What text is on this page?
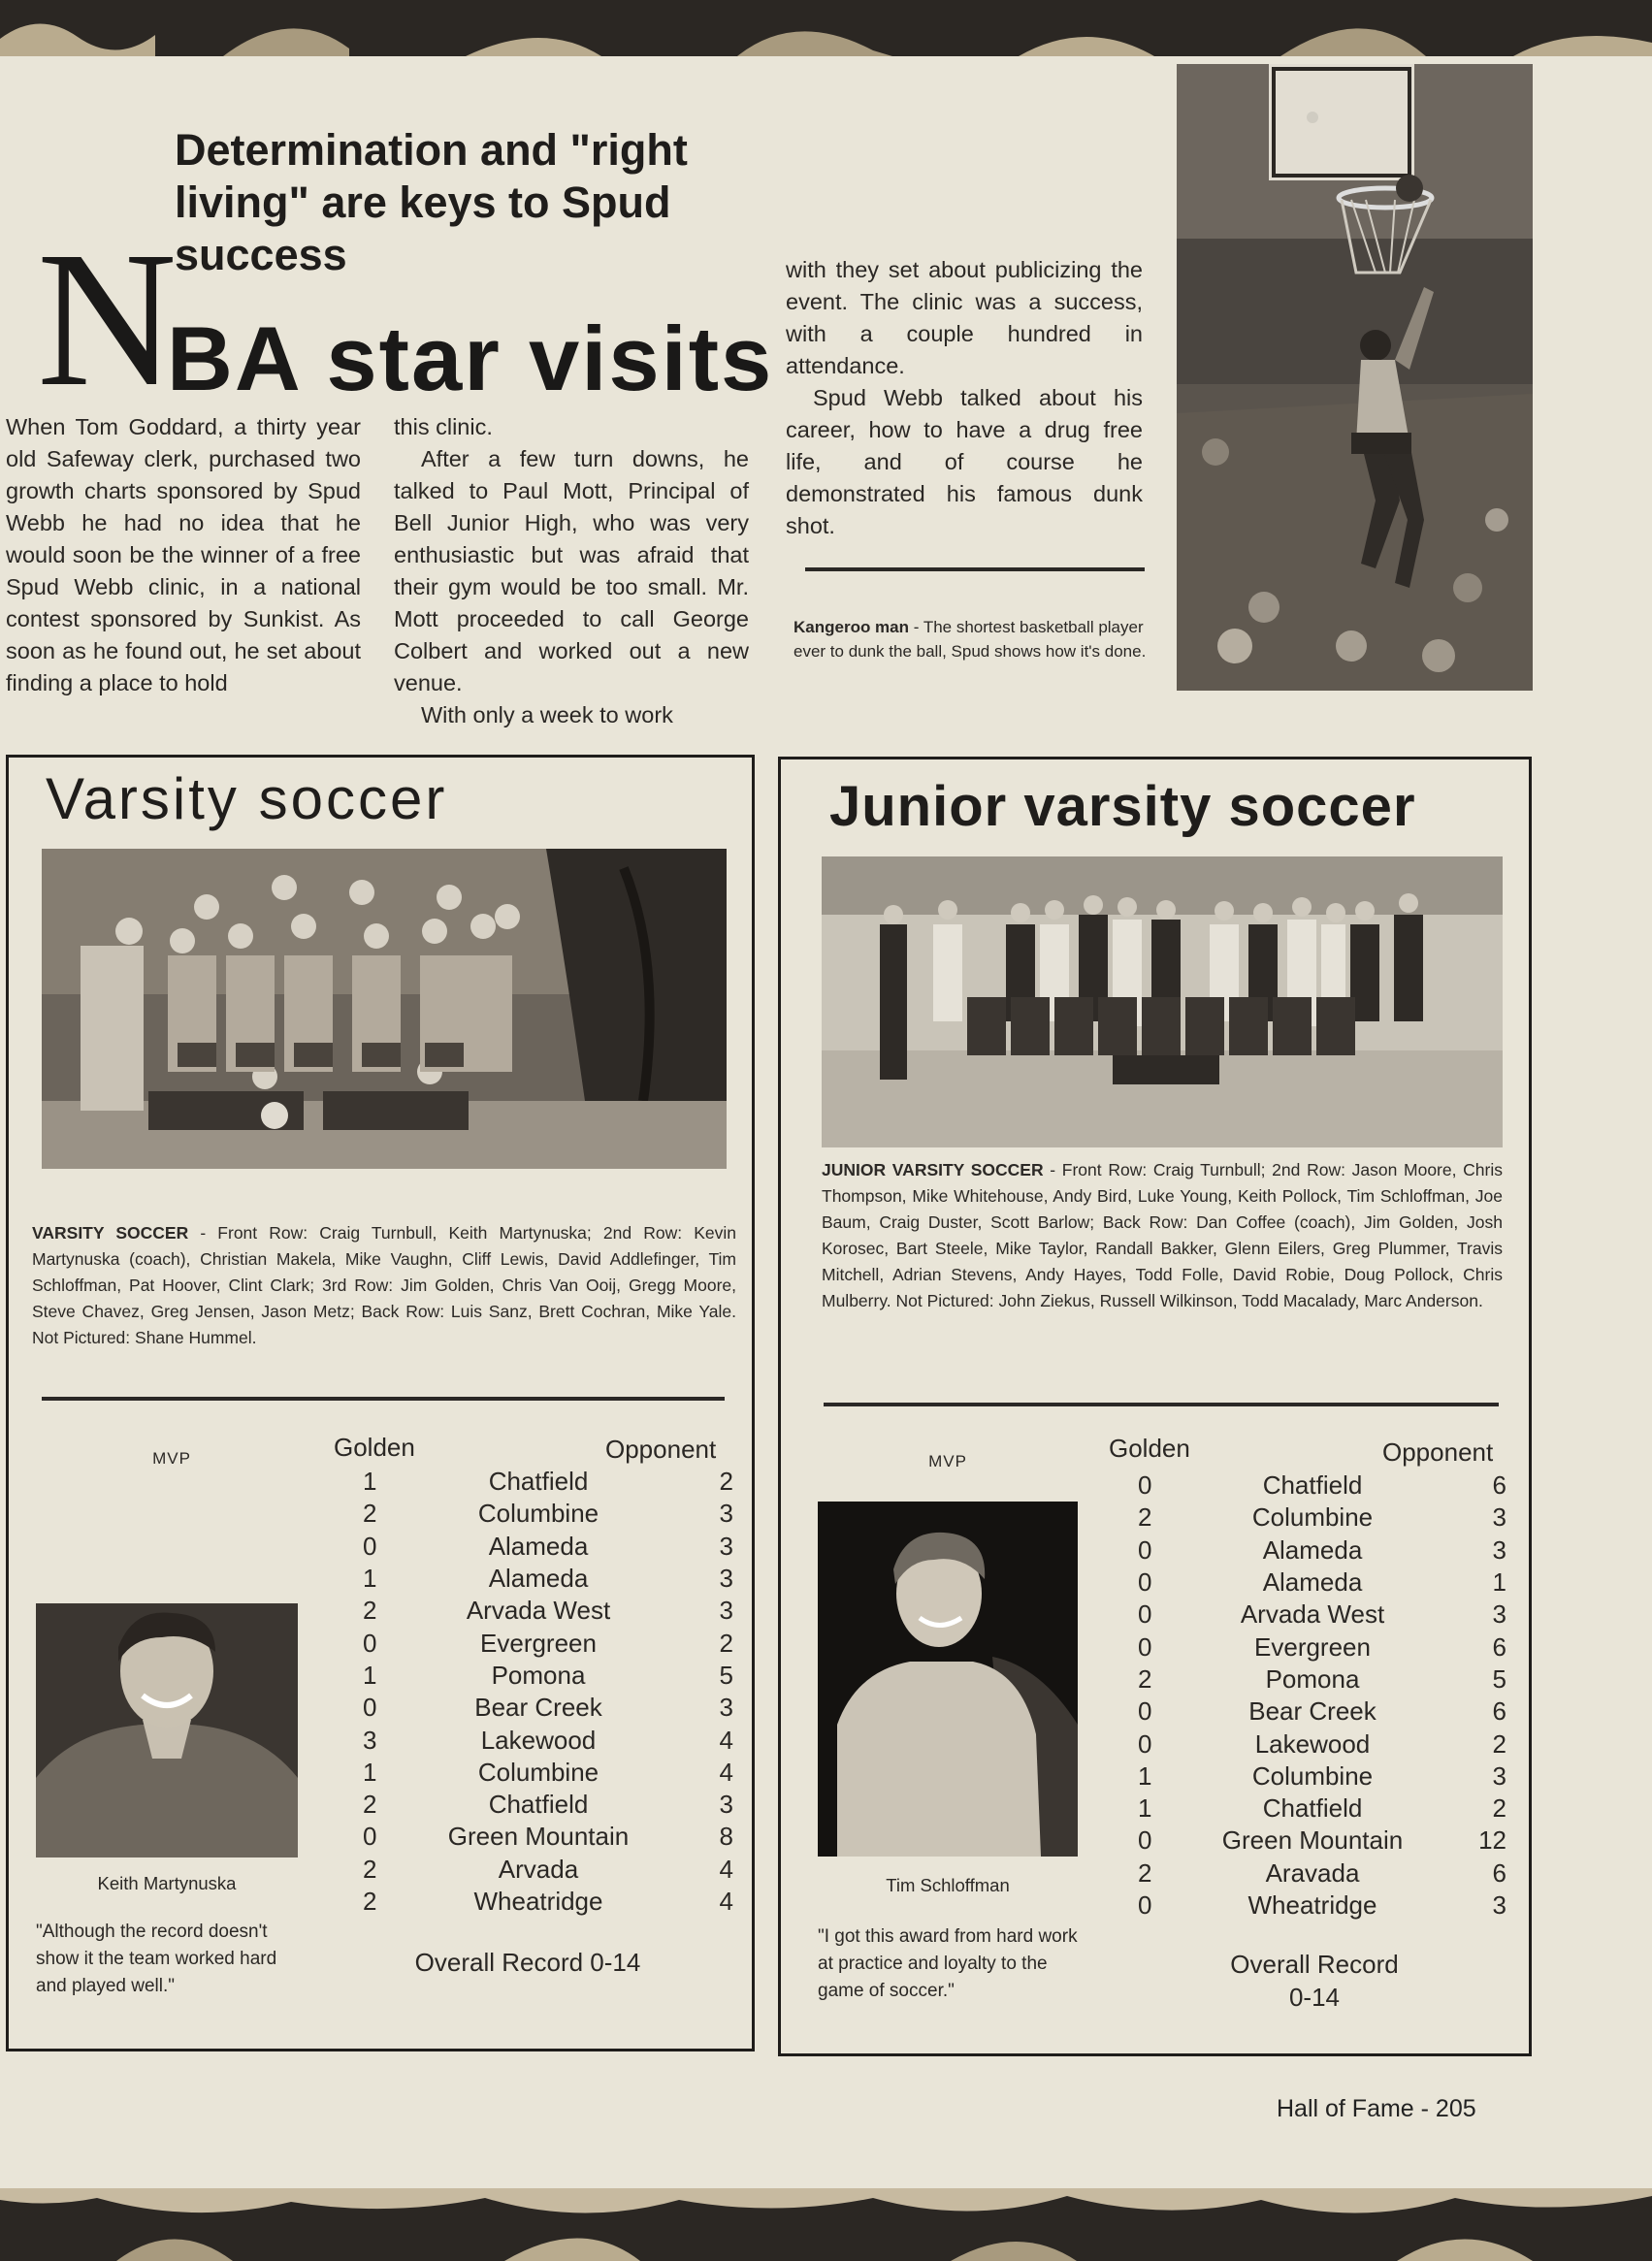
Determination and "right living" are keys to Spud success
N
BA star visits

When Tom Goddard, a thirty year old Safeway clerk, purchased two growth charts sponsored by Spud Webb he had no idea that he would soon be the winner of a free Spud Webb clinic, in a national contest sponsored by Sunkist. As soon as he found out, he set about finding a place to hold

this clinic.

After a few turn downs, he talked to Paul Mott, Principal of Bell Junior High, who was very enthusiastic but was afraid that their gym would be too small. Mr. Mott proceeded to call George Colbert and worked out a new venue.

With only a week to work

with they set about publicizing the event. The clinic was a success, with a couple hundred in attendance.

Spud Webb talked about his career, how to have a drug free life, and of course he demonstrated his famous dunk shot.

Kangeroo man - The shortest basketball player ever to dunk the ball, Spud shows how it's done.
Varsity soccer
VARSITY SOCCER - Front Row: Craig Turnbull, Keith Martynuska; 2nd Row: Kevin Martynuska (coach), Christian Makela, Mike Vaughn, Cliff Lewis, David Addlefinger, Tim Schloffman, Pat Hoover, Clint Clark; 3rd Row: Jim Golden, Chris Van Ooij, Gregg Moore, Steve Chavez, Greg Jensen, Jason Metz; Back Row: Luis Sanz, Brett Cochran, Mike Yale. Not Pictured: Shane Hummel.
MVP
Keith Martynuska
"Although the record doesn't show it the team worked hard and played well."
Golden	Opponent
1	Chatfield	2
2	Columbine	3
0	Alameda	3
1	Alameda	3
2	Arvada West	3
0	Evergreen	2
1	Pomona	5
0	Bear Creek	3
3	Lakewood	4
1	Columbine	4
2	Chatfield	3
0	Green Mountain	8
2	Arvada	4
2	Wheatridge	4
Overall Record 0-14
Junior varsity soccer
JUNIOR VARSITY SOCCER - Front Row: Craig Turnbull; 2nd Row: Jason Moore, Chris Thompson, Mike Whitehouse, Andy Bird, Luke Young, Keith Pollock, Tim Schloffman, Joe Baum, Craig Duster, Scott Barlow; Back Row: Dan Coffee (coach), Jim Golden, Josh Korosec, Bart Steele, Mike Taylor, Randall Bakker, Glenn Eilers, Greg Plummer, Travis Mitchell, Adrian Stevens, Andy Hayes, Todd Folle, David Robie, Doug Pollock, Chris Mulberry. Not Pictured: John Ziekus, Russell Wilkinson, Todd Macalady, Marc Anderson.
MVP
Tim Schloffman
"I got this award from hard work at practice and loyalty to the game of soccer."
Golden	Opponent
0	Chatfield	6
2	Columbine	3
0	Alameda	3
0	Alameda	1
0	Arvada West	3
0	Evergreen	6
2	Pomona	5
0	Bear Creek	6
0	Lakewood	2
1	Columbine	3
1	Chatfield	2
0	Green Mountain	12
2	Aravada	6
0	Wheatridge	3
Overall Record
0-14
Hall of Fame - 205
